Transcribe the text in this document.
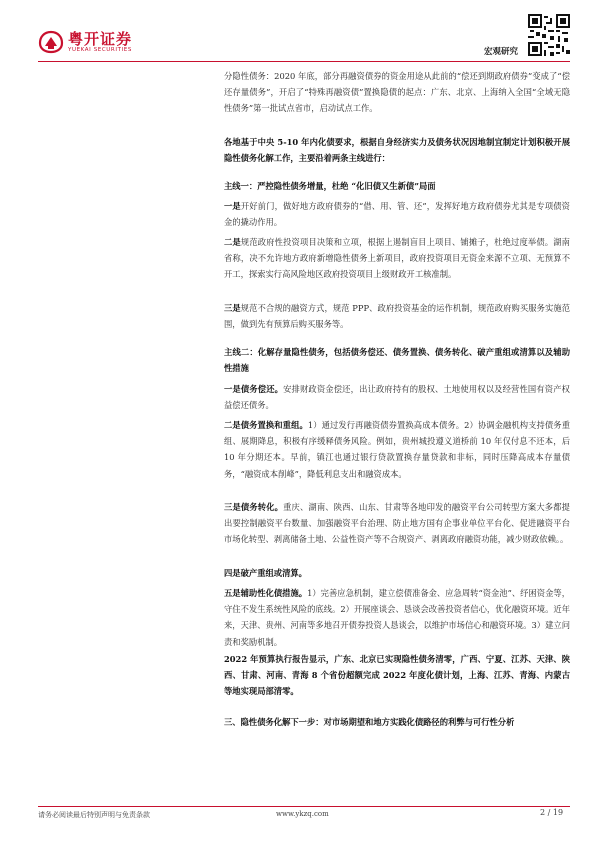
粤开证券
YUEKAI SECURITIES	宏观研究
分隐性债务：2020 年底，部分再融资债券的资金用途从此前的“偿还到期政府债券”变成了“偿还存量债务”，开启了“特殊再融资债”置换隐债的起点：广东、北京、上海纳入全国“全域无隐性债务”第一批试点省市，启动试点工作。
各地基于中央 5-10 年内化债要求，根据自身经济实力及债务状况因地制宜制定计划积极开展隐性债务化解工作，主要沿着两条主线进行：
主线一：严控隐性债务增量，杜绝 “化旧债又生新债”局面
一是开好前门，做好地方政府债券的“借、用、管、还”，发挥好地方政府债券尤其是专项债资金的撬动作用。
二是规范政府性投资项目决策和立项，根据上遏制盲目上项目、铺摊子，杜绝过度举债。湖南省称，决不允许地方政府新增隐性债务上新项目，政府投资项目无资金来源不立项、无预算不开工，探索实行高风险地区政府投资项目上级财政开工核准制。
三是规范不合规的融资方式，规范 PPP、政府投资基金的运作机制，规范政府购买服务实施范围，做到先有预算后购买服务等。
主线二：化解存量隐性债务，包括债务偿还、债务置换、债务转化、破产重组或清算以及辅助性措施
一是债务偿还。安排财政资金偿还，出让政府持有的股权、土地使用权以及经营性国有资产权益偿还债务。
二是债务置换和重组。1）通过发行再融资债券置换高成本债务。2）协调金融机构支持债务重组、展期降息，积极有序缓释债务风险。例如，贵州城投遵义道桥前 10 年仅付息不还本，后 10 年分期还本。早前，镇江也通过银行贷款置换存量贷款和非标，同时压降高成本存量债务，“融资成本削峰”，降低利息支出和融资成本。
三是债务转化。重庆、湖南、陕西、山东、甘肃等各地印发的融资平台公司转型方案大多都提出要控制融资平台数量、加强融资平台治理、防止地方国有企事业单位平台化、促进融资平台市场化转型、剥离储备土地、公益性资产等不合规资产、剥离政府融资功能，减少财政依赖。。
四是破产重组或清算。
五是辅助性化债措施。1）完善应急机制，建立偿债准备金、应急周转“资金池”、纾困资金等，守住不发生系统性风险的底线。2）开展座谈会、恳谈会改善投资者信心，优化融资环境。近年来，天津、贵州、河南等多地召开债券投资人恳谈会，以维护市场信心和融资环境。3）建立问责和奖励机制。
2022 年预算执行报告显示，广东、北京已实现隐性债务清零，广西、宁夏、江苏、天津、陕西、甘肃、河南、青海 8 个省份超额完成 2022 年度化债计划，上海、江苏、青海、内蒙古等地实现局部清零。
三、隐性债务化解下一步：对市场期望和地方实践化债路径的利弊与可行性分析
请务必阅读最后特别声明与免责条款	www.ykzq.com	2 / 19
